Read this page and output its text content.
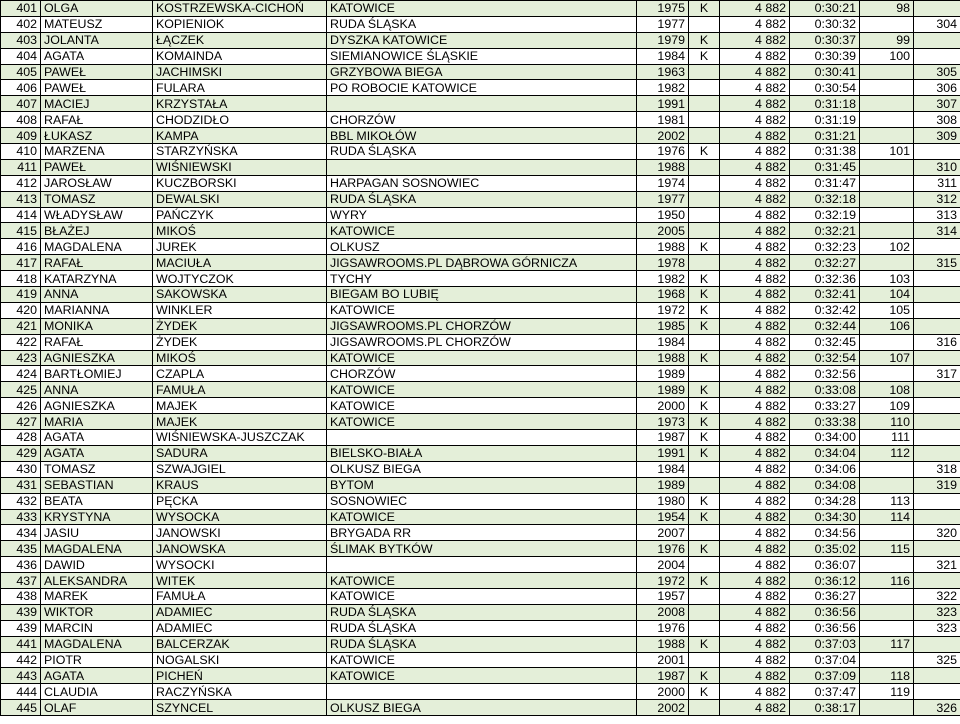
401	OLGA	KOSTRZEWSKA-CICHOŃ	KATOWICE	1975	K	4 882	0:30:21	98	
402	MATEUSZ	KOPIENIOK	RUDA ŚLĄSKA	1977		4 882	0:30:32		304
403	JOLANTA	ŁĄCZEK	DYSZKA KATOWICE	1979	K	4 882	0:30:37	99	
404	AGATA	KOMAINDA	SIEMIANOWICE ŚLĄSKIE	1984	K	4 882	0:30:39	100	
405	PAWEŁ	JACHIMSKI	GRZYBOWA BIEGA	1963		4 882	0:30:41		305
406	PAWEŁ	FULARA	PO ROBOCIE KATOWICE	1982		4 882	0:30:54		306
407	MACIEJ	KRZYSTAŁA		1991		4 882	0:31:18		307
408	RAFAŁ	CHODZIDŁO	CHORZÓW	1981		4 882	0:31:19		308
409	ŁUKASZ	KAMPA	BBL MIKOŁÓW	2002		4 882	0:31:21		309
410	MARZENA	STARZYŃSKA	RUDA ŚLĄSKA	1976	K	4 882	0:31:38	101	
411	PAWEŁ	WIŚNIEWSKI		1988		4 882	0:31:45		310
412	JAROSŁAW	KUCZBORSKI	HARPAGAN SOSNOWIEC	1974		4 882	0:31:47		311
413	TOMASZ	DEWALSKI	RUDA ŚLĄSKA	1977		4 882	0:32:18		312
414	WŁADYSŁAW	PAŃCZYK	WYRY	1950		4 882	0:32:19		313
415	BŁAŻEJ	MIKOŚ	KATOWICE	2005		4 882	0:32:21		314
416	MAGDALENA	JUREK	OLKUSZ	1988	K	4 882	0:32:23	102	
417	RAFAŁ	MACIUŁA	JIGSAWROOMS.PL DĄBROWA GÓRNICZA	1978		4 882	0:32:27		315
418	KATARZYNA	WOJTYCZOK	TYCHY	1982	K	4 882	0:32:36	103	
419	ANNA	SAKOWSKA	BIEGAM BO LUBIĘ	1968	K	4 882	0:32:41	104	
420	MARIANNA	WINKLER	KATOWICE	1972	K	4 882	0:32:42	105	
421	MONIKA	ŻYDEK	JIGSAWROOMS.PL CHORZÓW	1985	K	4 882	0:32:44	106	
422	RAFAŁ	ŻYDEK	JIGSAWROOMS.PL CHORZÓW	1984		4 882	0:32:45		316
423	AGNIESZKA	MIKOŚ	KATOWICE	1988	K	4 882	0:32:54	107	
424	BARTŁOMIEJ	CZAPLA	CHORZÓW	1989		4 882	0:32:56		317
425	ANNA	FAMUŁA	KATOWICE	1989	K	4 882	0:33:08	108	
426	AGNIESZKA	MAJEK	KATOWICE	2000	K	4 882	0:33:27	109	
427	MARIA	MAJEK	KATOWICE	1973	K	4 882	0:33:38	110	
428	AGATA	WIŚNIEWSKA-JUSZCZAK		1987	K	4 882	0:34:00	111	
429	AGATA	SADURA	BIELSKO-BIAŁA	1991	K	4 882	0:34:04	112	
430	TOMASZ	SZWAJGIEL	OLKUSZ BIEGA	1984		4 882	0:34:06		318
431	SEBASTIAN	KRAUS	BYTOM	1989		4 882	0:34:08		319
432	BEATA	PĘCKA	SOSNOWIEC	1980	K	4 882	0:34:28	113	
433	KRYSTYNA	WYSOCKA	KATOWICE	1954	K	4 882	0:34:30	114	
434	JASIU	JANOWSKI	BRYGADA RR	2007		4 882	0:34:56		320
435	MAGDALENA	JANOWSKA	ŚLIMAK BYTKÓW	1976	K	4 882	0:35:02	115	
436	DAWID	WYSOCKI		2004		4 882	0:36:07		321
437	ALEKSANDRA	WITEK	KATOWICE	1972	K	4 882	0:36:12	116	
438	MAREK	FAMUŁA	KATOWICE	1957		4 882	0:36:27		322
439	WIKTOR	ADAMIEC	RUDA ŚLĄSKA	2008		4 882	0:36:56		323
439	MARCIN	ADAMIEC	RUDA ŚLĄSKA	1976		4 882	0:36:56		323
441	MAGDALENA	BALCERZAK	RUDA ŚLĄSKA	1988	K	4 882	0:37:03	117	
442	PIOTR	NOGALSKI	KATOWICE	2001		4 882	0:37:04		325
443	AGATA	PICHEŃ	KATOWICE	1987	K	4 882	0:37:09	118	
444	CLAUDIA	RACZYŃSKA		2000	K	4 882	0:37:47	119	
445	OLAF	SZYNCEL	OLKUSZ BIEGA	2002		4 882	0:38:17		326
